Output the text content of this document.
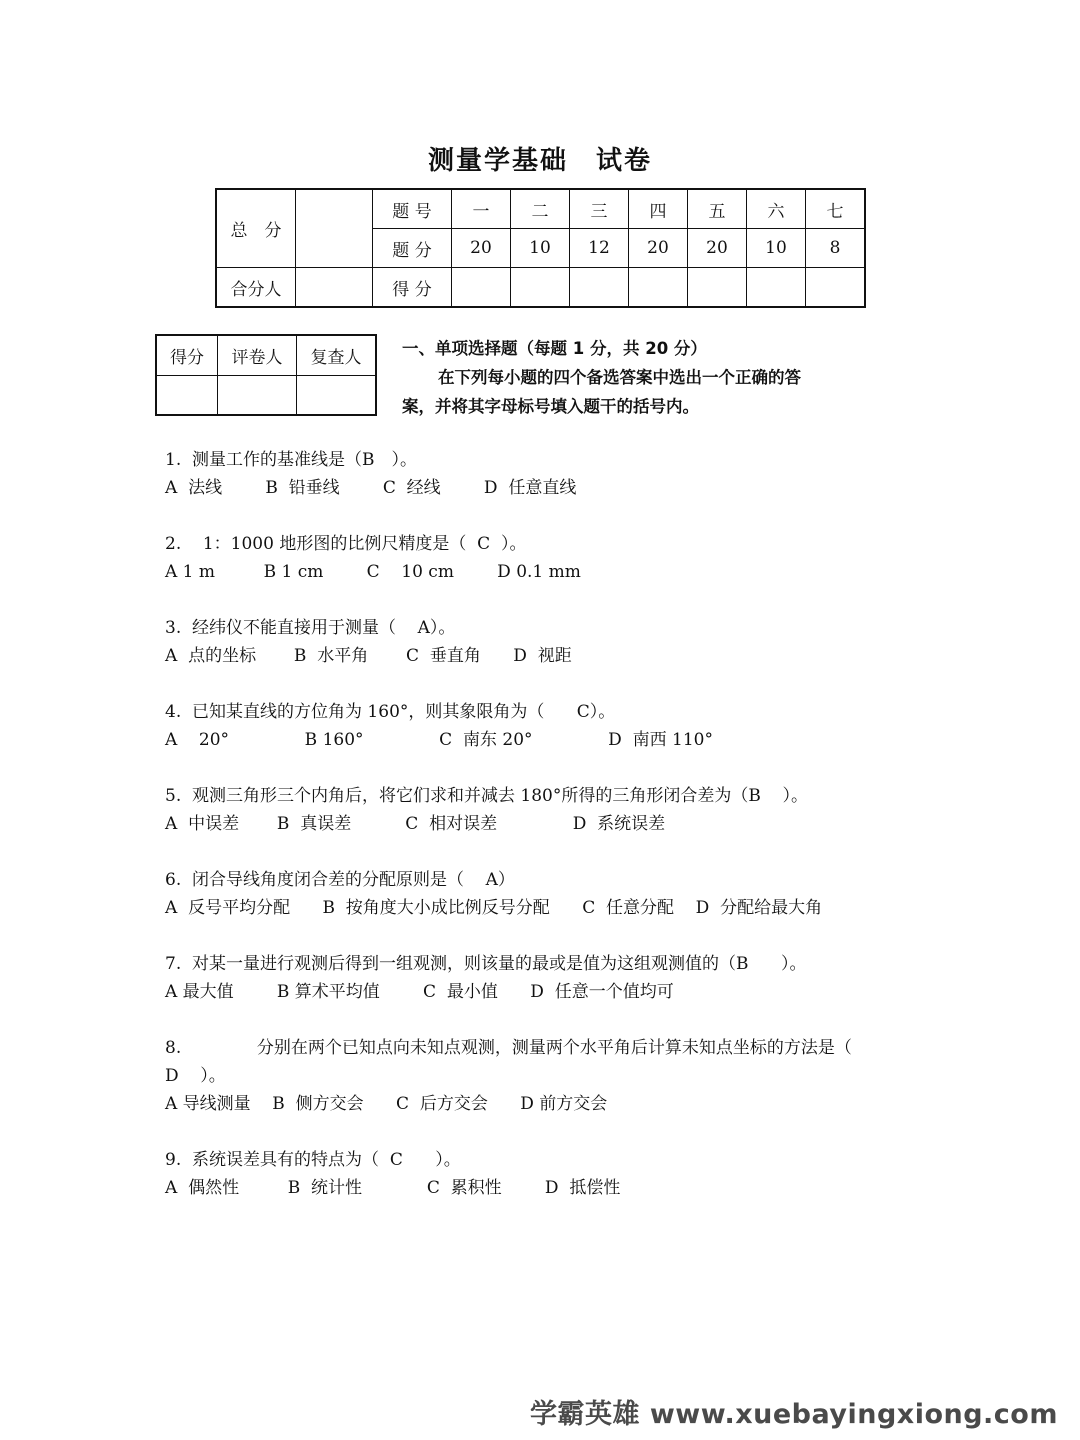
测量学基础　试卷
总　分		题 号	一	二	三	四	五	六	七
		题 分	20	10	12	20	20	10	8
合分人		得 分							
得分	评卷人	复查人
		一、单项选择题（每题 1 分，共 20 分）
在下列每小题的四个备选答案中选出一个正确的答
案，并将其字母标号填入题干的括号内。
1.  测量工作的基准线是（B　）。
A  法线        B  铅垂线        C  经线        D  任意直线
2.    1：1000 地形图的比例尺精度是（  C  ）。
A 1 m         B 1 cm        C    10 cm        D 0.1 mm
3.  经纬仪不能直接用于测量（    A）。
A  点的坐标       B  水平角       C  垂直角      D  视距
4.  已知某直线的方位角为 160°，则其象限角为（      C）。
A    20°              B 160°              C  南东 20°              D  南西 110°
5.  观测三角形三个内角后，将它们求和并减去 180°所得的三角形闭合差为（B    ）。
A  中误差       B  真误差          C  相对误差              D  系统误差
6.  闭合导线角度闭合差的分配原则是（    A）
A  反号平均分配      B  按角度大小成比例反号分配      C  任意分配    D  分配给最大角
7.  对某一量进行观测后得到一组观测，则该量的最或是值为这组观测值的（B      ）。
A 最大值        B 算术平均值        C  最小值      D  任意一个值均可
8.              分别在两个已知点向未知点观测，测量两个水平角后计算未知点坐标的方法是（
D    ）。
A 导线测量    B  侧方交会      C  后方交会      D 前方交会
9.  系统误差具有的特点为（  C      ）。
A  偶然性         B  统计性            C  累积性        D  抵偿性
学霸英雄 www.xuebayingxiong.com
